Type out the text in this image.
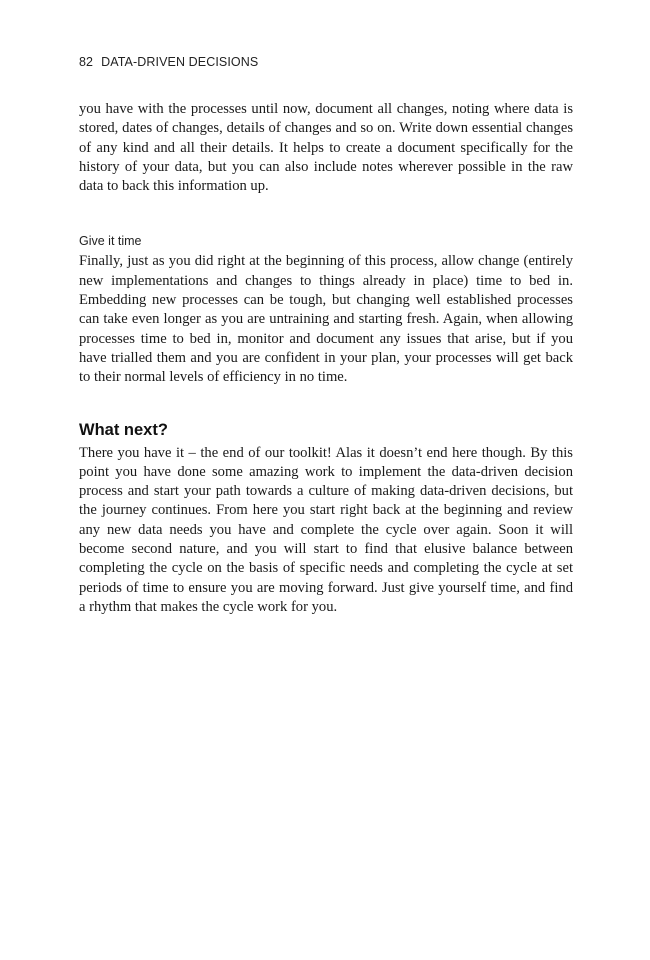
82 DATA-DRIVEN DECISIONS

you have with the processes until now, document all changes, noting where data is stored, dates of changes, details of changes and so on. Write down essential changes of any kind and all their details. It helps to create a document specifically for the history of your data, but you can also include notes wherever possible in the raw data to back this information up.

Give it time

Finally, just as you did right at the beginning of this process, allow change (entirely new implementations and changes to things already in place) time to bed in. Embedding new processes can be tough, but changing well established processes can take even longer as you are untraining and starting fresh. Again, when allowing processes time to bed in, monitor and document any issues that arise, but if you have trialled them and you are confident in your plan, your processes will get back to their normal levels of efficiency in no time.

What next?

There you have it – the end of our toolkit! Alas it doesn’t end here though. By this point you have done some amazing work to implement the data-driven decision process and start your path towards a culture of making data-driven decisions, but the journey continues. From here you start right back at the beginning and review any new data needs you have and complete the cycle over again. Soon it will become second nature, and you will start to find that elusive balance between completing the cycle on the basis of specific needs and completing the cycle at set periods of time to ensure you are moving forward. Just give yourself time, and find a rhythm that makes the cycle work for you.
